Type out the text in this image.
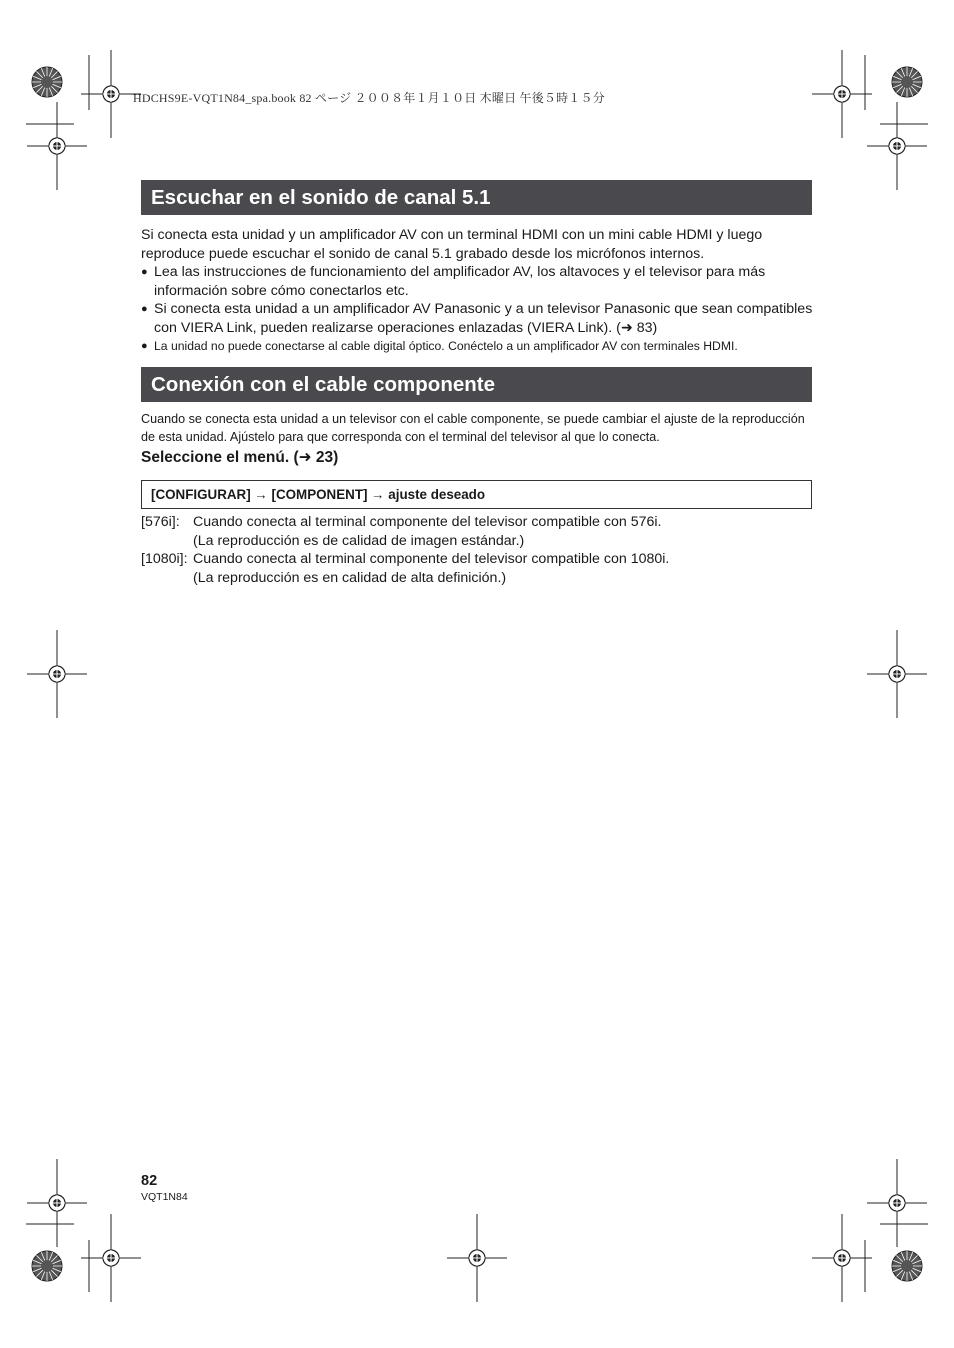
HDCHS9E-VQT1N84_spa.book 82 ページ ２００８年１月１０日 木曜日 午後５時１５分
Escuchar en el sonido de canal 5.1

Si conecta esta unidad y un amplificador AV con un terminal HDMI con un mini cable HDMI y luego reproduce puede escuchar el sonido de canal 5.1 grabado desde los micrófonos internos.

● Lea las instrucciones de funcionamiento del amplificador AV, los altavoces y el televisor para más información sobre cómo conectarlos etc.
● Si conecta esta unidad a un amplificador AV Panasonic y a un televisor Panasonic que sean compatibles con VIERA Link, pueden realizarse operaciones enlazadas (VIERA Link). (➜ 83)
● La unidad no puede conectarse al cable digital óptico. Conéctelo a un amplificador AV con terminales HDMI.
Conexión con el cable componente

Cuando se conecta esta unidad a un televisor con el cable componente, se puede cambiar el ajuste de la reproducción de esta unidad. Ajústelo para que corresponda con el terminal del televisor al que lo conecta.

Seleccione el menú. (➜ 23)
[CONFIGURAR] → [COMPONENT] → ajuste deseado
[576i]: Cuando conecta al terminal componente del televisor compatible con 576i.
(La reproducción es de calidad de imagen estándar.)
[1080i]: Cuando conecta al terminal componente del televisor compatible con 1080i.
(La reproducción es en calidad de alta definición.)
82
VQT1N84
